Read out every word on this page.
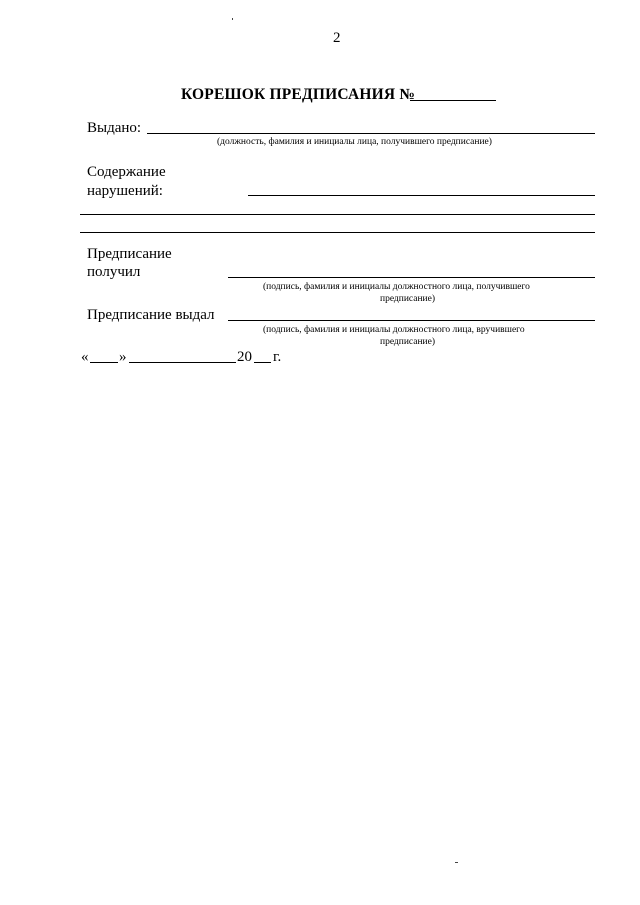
2
КОРЕШОК ПРЕДПИСАНИЯ №
Выдано:
(должность, фамилия и инициалы лица, получившего предписание)
Содержание
нарушений:
Предписание
получил
(подпись, фамилия и инициалы должностного лица, получившего
предписание)
Предписание выдал
(подпись, фамилия и инициалы должностного лица, вручившего
предписание)
« »	20 г.
